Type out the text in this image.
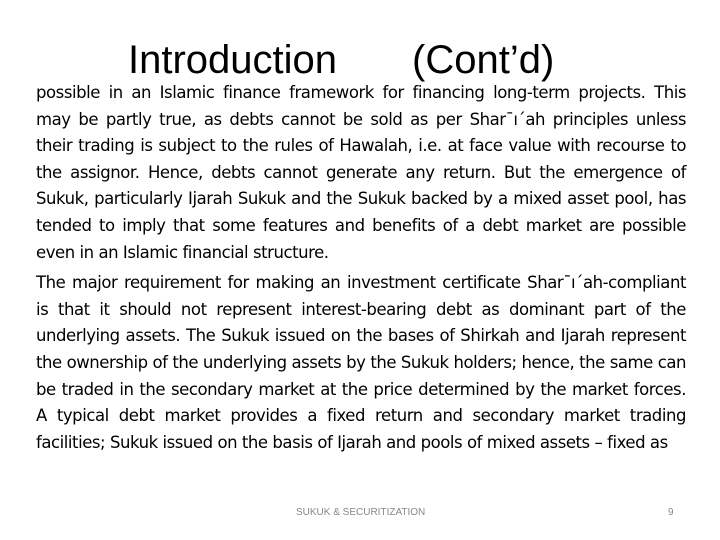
Introduction (Cont’d)

possible in an Islamic finance framework for financing long-term projects. This may be partly true, as debts cannot be sold as per Shar¯ı´ah principles unless their trading is subject to the rules of Hawalah, i.e. at face value with recourse to the assignor. Hence, debts cannot generate any return. But the emergence of Sukuk, particularly Ijarah Sukuk and the Sukuk backed by a mixed asset pool, has tended to imply that some features and benefits of a debt market are possible even in an Islamic financial structure.

The major requirement for making an investment certificate Shar¯ı´ah-compliant is that it should not represent interest-bearing debt as dominant part of the underlying assets. The Sukuk issued on the bases of Shirkah and Ijarah represent the ownership of the underlying assets by the Sukuk holders; hence, the same can be traded in the secondary market at the price determined by the market forces. A typical debt market provides a fixed return and secondary market trading facilities; Sukuk issued on the basis of Ijarah and pools of mixed assets – fixed as

SUKUK & SECURITIZATION	9
